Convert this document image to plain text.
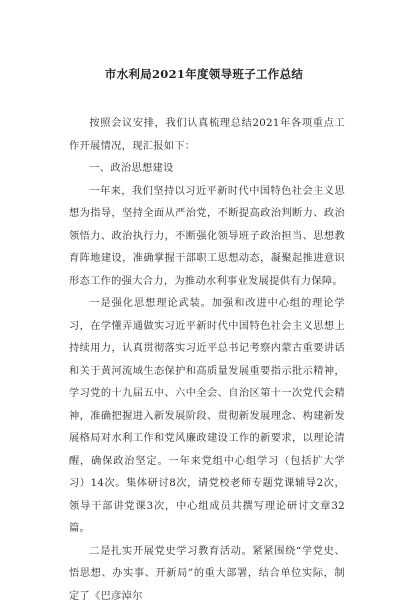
市水利局2021年度领导班子工作总结

按照会议安排，我们认真梳理总结2021年各项重点工作开展情况，现汇报如下：

一、政治思想建设

一年来，我们坚持以习近平新时代中国特色社会主义思想为指导，坚持全面从严治党，不断提高政治判断力、政治领悟力、政治执行力，不断强化领导班子政治担当、思想教育阵地建设，准确掌握干部职工思想动态，凝聚起推进意识形态工作的强大合力，为推动水利事业发展提供有力保障。

一是强化思想理论武装。加强和改进中心组的理论学习，在学懂弄通做实习近平新时代中国特色社会主义思想上持续用力，认真贯彻落实习近平总书记考察内蒙古重要讲话和关于黄河流域生态保护和高质量发展重要指示批示精神，学习党的十九届五中、六中全会、自治区第十一次党代会精神，准确把握进入新发展阶段、贯彻新发展理念、构建新发展格局对水利工作和党风廉政建设工作的新要求，以理论清醒，确保政治坚定。一年来党组中心组学习（包括扩大学习）14次。集体研讨8次，请党校老师专题党课辅导2次，领导干部讲党课3次，中心组成员共撰写理论研讨文章32篇。

二是扎实开展党史学习教育活动。紧紧围绕“学党史、悟思想、办实事、开新局”的重大部署，结合单位实际，制定了《巴彦淖尔
